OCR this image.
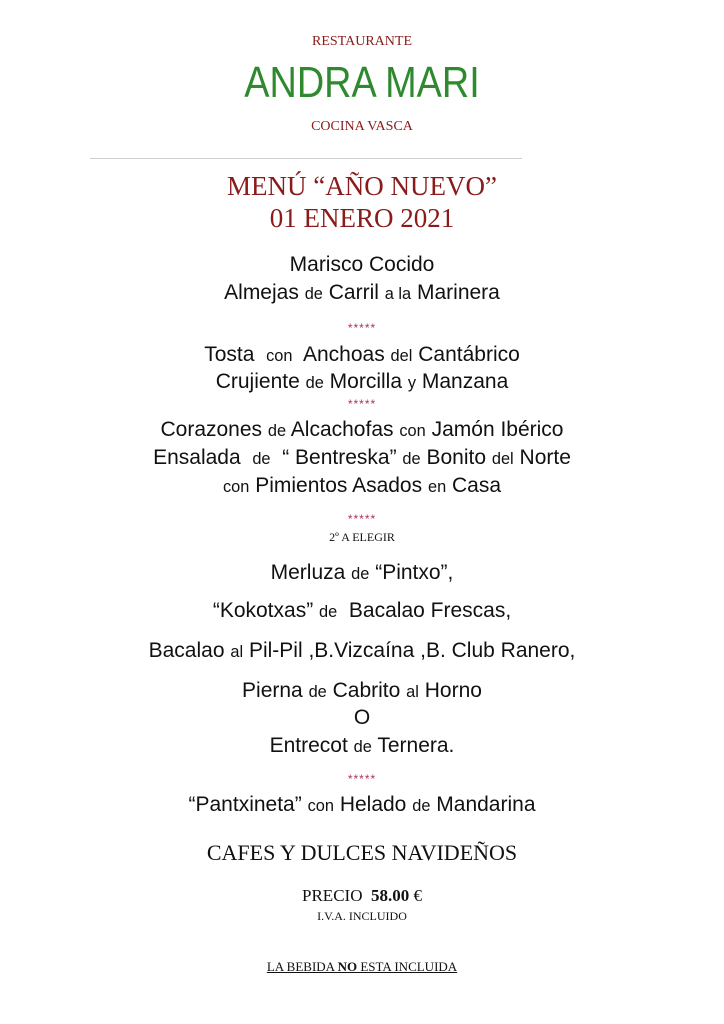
RESTAURANTE
ANDRA MARI
COCINA VASCA
MENÚ “AÑO NUEVO”
01 ENERO 2021
Marisco Cocido
Almejas de Carril a la Marinera
*****
Tosta con Anchoas del Cantábrico
Crujiente de Morcilla y Manzana
*****
Corazones de Alcachofas con Jamón Ibérico
Ensalada de “ Bentreska” de Bonito del Norte
con Pimientos Asados en Casa
*****
2º A ELEGIR
Merluza de “Pintxo”,
“Kokotxas” de Bacalao Frescas,
Bacalao al Pil-Pil ,B.Vizcaína ,B. Club Ranero,
Pierna de Cabrito al Horno
O
Entrecot de Ternera.
*****
“Pantxineta” con Helado de Mandarina
CAFES Y DULCES NAVIDEÑOS
PRECIO 58.00 €
I.V.A. INCLUIDO
LA BEBIDA NO ESTA INCLUIDA
